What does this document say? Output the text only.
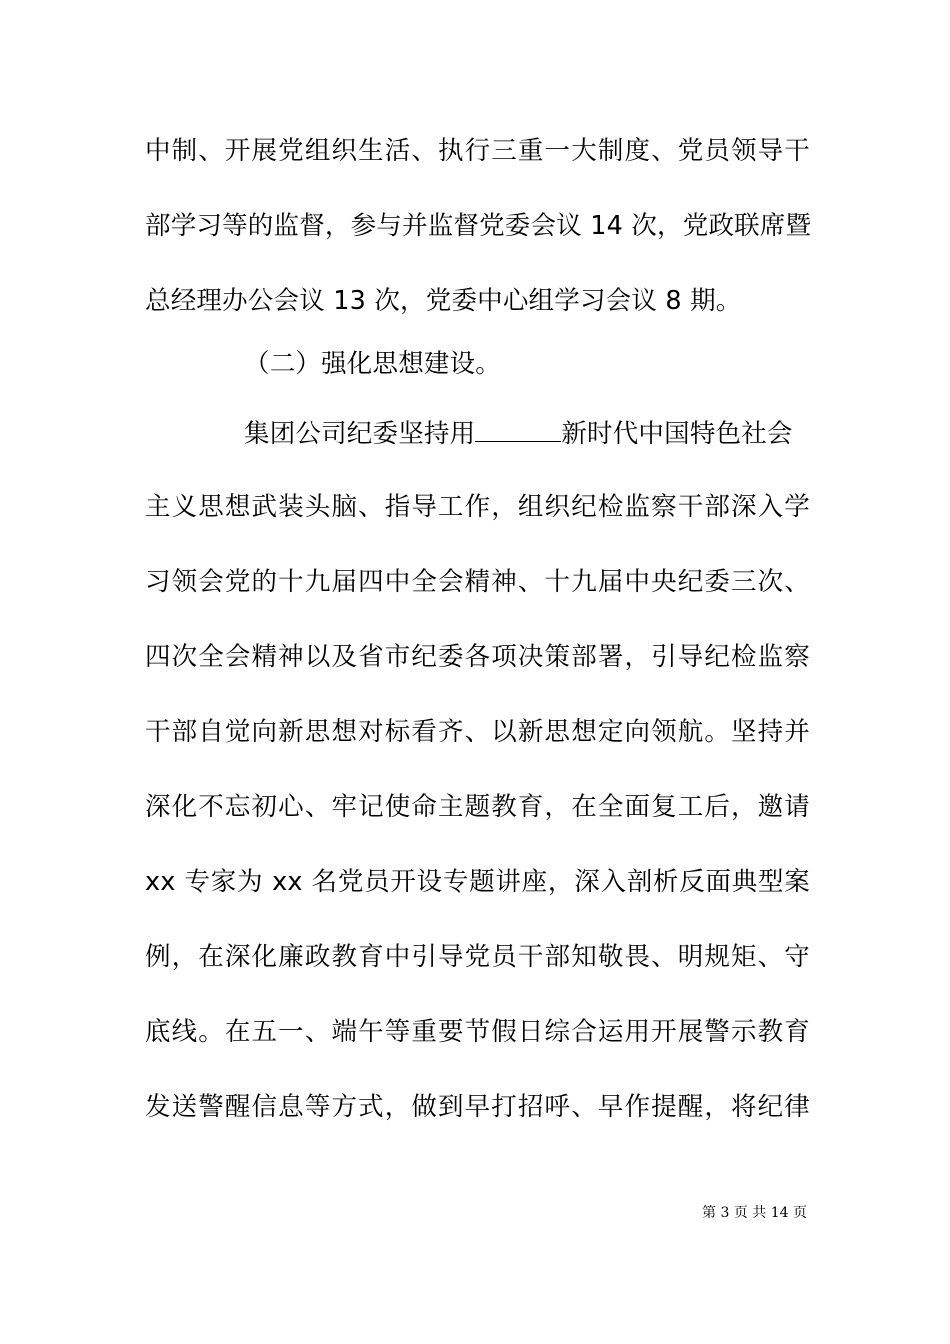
中制、开展党组织生活、执行三重一大制度、党员领导干
部学习等的监督，参与并监督党委会议 14 次，党政联席暨
总经理办公会议 13 次，党委中心组学习会议 8 期。
（二）强化思想建设。
集团公司纪委坚持用	新时代中国特色社会
主义思想武装头脑、指导工作，组织纪检监察干部深入学
习领会党的十九届四中全会精神、十九届中央纪委三次、
四次全会精神以及省市纪委各项决策部署，引导纪检监察
干部自觉向新思想对标看齐、以新思想定向领航。坚持并
深化不忘初心、牢记使命主题教育，在全面复工后，邀请
xx 专家为 xx 名党员开设专题讲座，深入剖析反面典型案
例，在深化廉政教育中引导党员干部知敬畏、明规矩、守
底线。在五一、端午等重要节假日综合运用开展警示教育
发送警醒信息等方式，做到早打招呼、早作提醒，将纪律
第 3 页 共 14 页
